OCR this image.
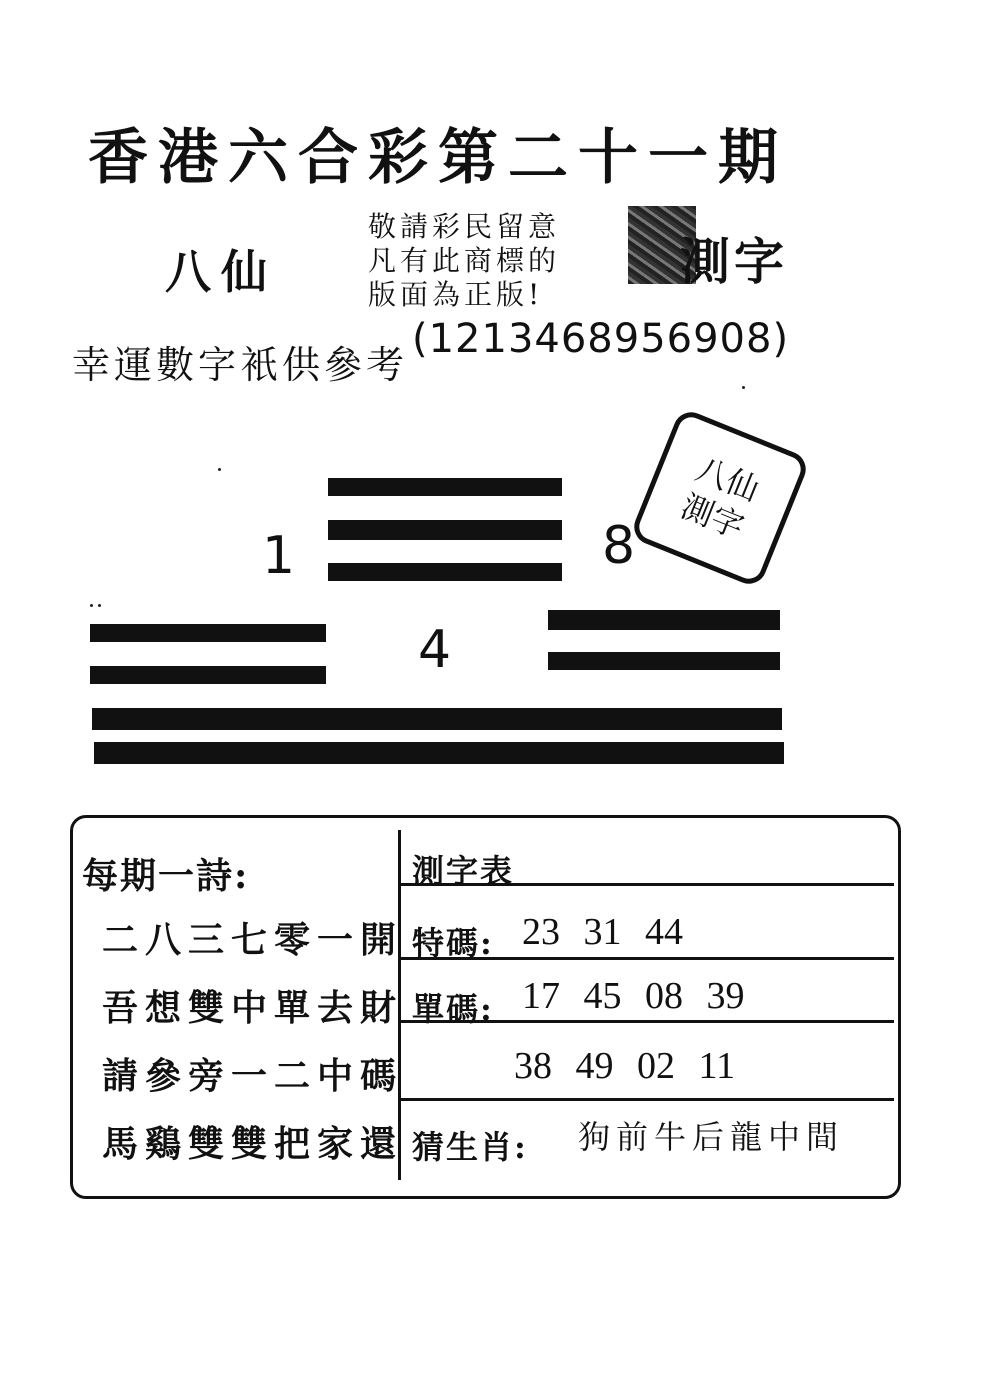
香港六合彩第二十一期
八仙
敬請彩民留意
凡有此商標的
版面為正版!
測字
幸運數字衹供參考
(1213468956908)
1	8
4
八仙
測字
每期一詩:
二八三七零一開
吾想雙中單去財
請參旁一二中碼
馬鷄雙雙把家還
測字表
特碼: 23 31 44
單碼: 17 45 08 39
38 49 02 11
猜生肖: 狗前牛后龍中間
